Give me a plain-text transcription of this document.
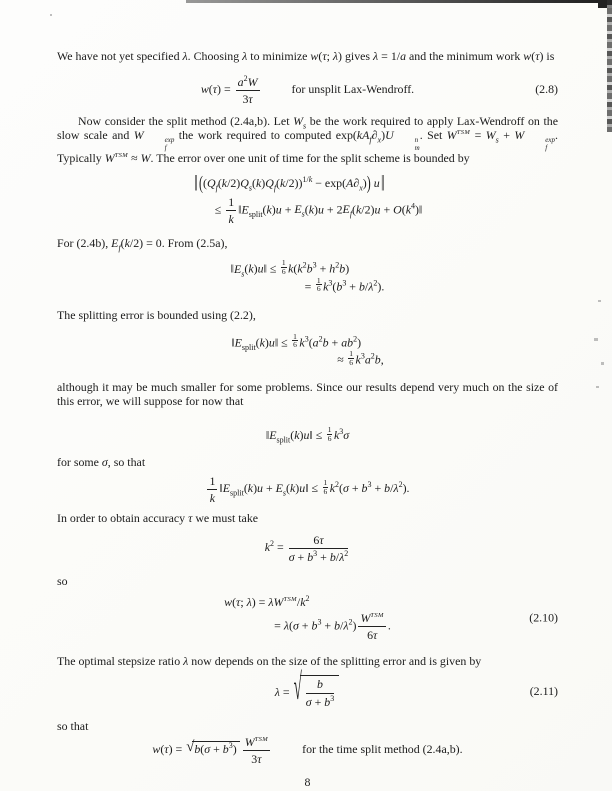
We have not yet specified λ. Choosing λ to minimize w(τ; λ) gives λ = 1/a and the minimum work w(τ) is

$w(\tau) = \frac{a^2W}{3\tau}$	for unsplit Lax-Wendroff.	(2.8)

Now consider the split method (2.4a,b). Let $W_s$ be the work required to apply Lax-Wendroff on the slow scale and W	exp
f
the work required to computed $\exp(kA_f\partial_x)U$	n
m
. Set $W^{TSM} = W_s + W$	exp
f
. Typically $W^{TSM} \approx W$. The error over one unit of time for the split scheme is bounded by

‖ $((Q_f(k/2)Q_s(k)Q_f(k/2))^{1/k} - \exp(A\partial_x))$ u ‖
≤ $\frac{1}{k}$ $‖E_{split}(k)u + E_s(k)u + 2E_f(k/2)u$ + $O(k^4)‖$

For (2.4b), $E_f(k/2) = 0$. From (2.5a),

$‖E_s(k)u‖ \le \frac{1}{6} k(k^2b^3 + h^2b)$
= $\frac{1}{6} k^3(b^3 + b/\lambda^2)$.

The splitting error is bounded using (2.2),

$‖E_{split}(k)u‖ \le \frac{1}{6} k^3(a^2b + ab^2)$
≈ $\frac{1}{6} k^3a^2b$,

although it may be much smaller for some problems. Since our results depend very much on the size of this error, we will suppose for now that

$‖E_{split}(k)u‖ \le \frac{1}{6} k^3\sigma$

for some σ, so that

$\frac{1}{k}$ $‖E_{split}(k)u$ + $E_s(k)u‖ \le \frac{1}{6} k^2(\sigma + b^3 + b/\lambda^2)$.

In order to obtain accuracy τ we must take

$k^2 = \frac{6\tau}{\sigma + b^3 + b/\lambda^2}$

so

w(τ; $\lambda) = \lambda W^{TSM}/k^2$
= $\lambda(\sigma + b^3 + b/\lambda^2) \frac{W^{TSM}}{6\tau}$ .
(2.10)

The optimal stepsize ratio λ now depends on the size of the splitting error and is given by

λ = √ $\frac{b}{\sigma + b^3}$	(2.11)

so that

$w(\tau) = √b(\sigma + b^3) \frac{W^{TSM}}{3\tau}$	for the time split method (2.4a,b).

8
